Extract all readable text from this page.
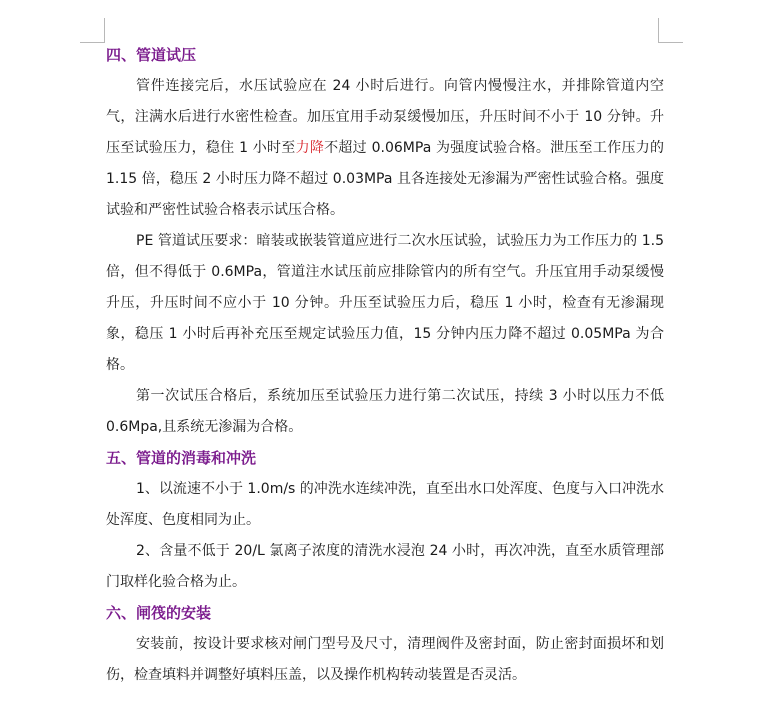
四、管道试压

管件连接完后，水压试验应在 24 小时后进行。向管内慢慢注水，并排除管道内空气，注满水后进行水密性检查。加压宜用手动泵缓慢加压，升压时间不小于 10 分钟。升压至试验压力，稳住 1 小时至力降不超过 0.06MPa 为强度试验合格。泄压至工作压力的 1.15 倍，稳压 2 小时压力降不超过 0.03MPa 且各连接处无渗漏为严密性试验合格。强度试验和严密性试验合格表示试压合格。

PE 管道试压要求：暗装或嵌装管道应进行二次水压试验，试验压力为工作压力的 1.5 倍，但不得低于 0.6MPa，管道注水试压前应排除管内的所有空气。升压宜用手动泵缓慢升压，升压时间不应小于 10 分钟。升压至试验压力后，稳压 1 小时，检查有无渗漏现象，稳压 1 小时后再补充压至规定试验压力值，15 分钟内压力降不超过 0.05MPa 为合格。

第一次试压合格后，系统加压至试验压力进行第二次试压，持续 3 小时以压力不低 0.6Mpa,且系统无渗漏为合格。

五、管道的消毒和冲洗

1、以流速不小于 1.0m/s 的冲洗水连续冲洗，直至出水口处浑度、色度与入口冲洗水处浑度、色度相同为止。

2、含量不低于 20/L 氯离子浓度的清洗水浸泡 24 小时，再次冲洗，直至水质管理部门取样化验合格为止。

六、闸筏的安装

安装前，按设计要求核对闸门型号及尺寸，清理阀件及密封面，防止密封面损坏和划伤，检查填料并调整好填料压盖，以及操作机构转动装置是否灵活。
